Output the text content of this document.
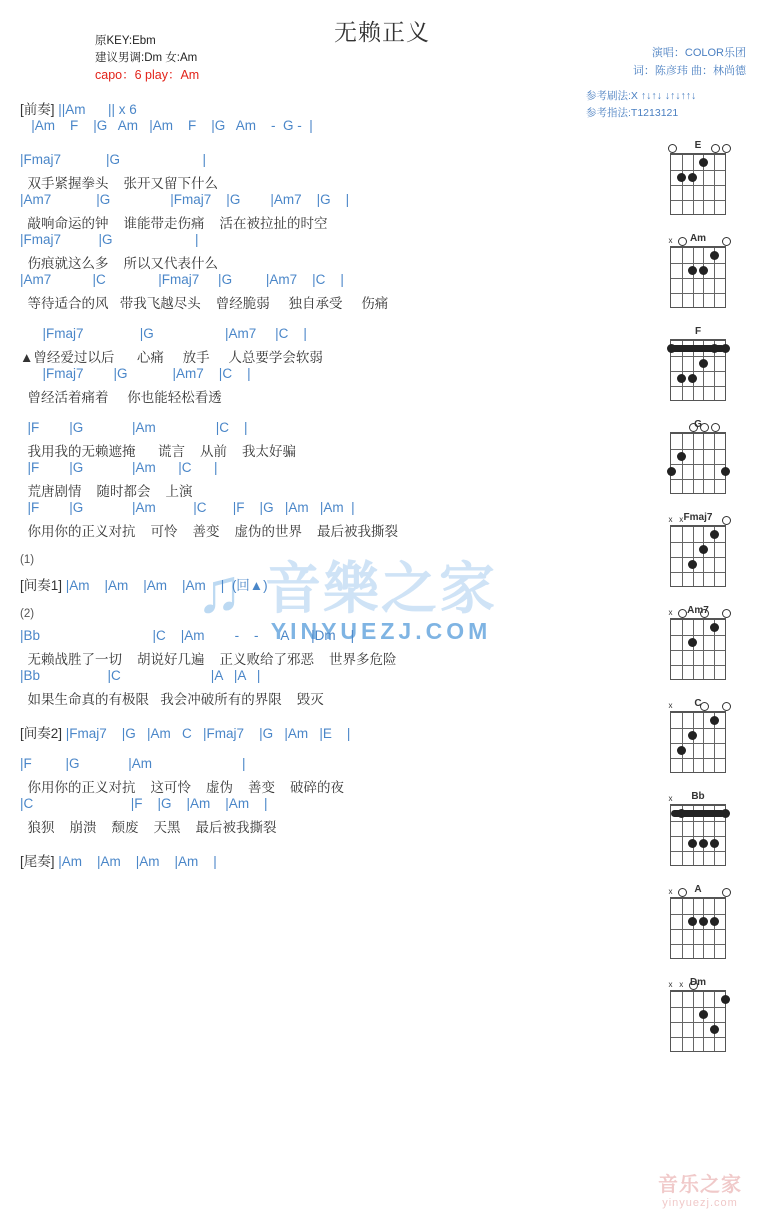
无赖正义
原KEY:Ebm
建议男调:Dm 女:Am
capo：6 play：Am
演唱：COLOR乐团
词：陈彦玮 曲：林尚德
参考刷法:X ↑↓↑↓ ↓↑↓↑↑↓
参考指法:T1213121
♫ 音樂之家
YINYUEZJ.COM
音乐之家
yinyuezj.com
[前奏] ||Am      || x 6
|Am    F    |G   Am   |Am    F    |G   Am    -  G -  |
|Fmaj7            |G                      |
双手紧握拳头    张开又留下什么
|Am7            |G                |Fmaj7    |G        |Am7    |G    |
敲响命运的钟    谁能带走伤痛    活在被拉扯的时空
|Fmaj7          |G                      |
伤痕就这么多    所以又代表什么
|Am7           |C              |Fmaj7     |G         |Am7    |C    |
等待适合的风   带我飞越尽头    曾经脆弱     独自承受     伤痛
|Fmaj7               |G                   |Am7     |C    |
▲曾经爱过以后      心痛     放手     人总要学会软弱
|Fmaj7        |G            |Am7    |C    |
曾经活着痛着     你也能轻松看透
|F        |G             |Am                |C    |
我用我的无赖遮掩      谎言    从前    我太好骗
|F        |G             |Am      |C      |
荒唐剧情    随时都会    上演
|F        |G             |Am          |C       |F    |G   |Am   |Am  |
你用你的正义对抗    可怜    善变    虚伪的世界    最后被我撕裂
(1)
[间奏1] |Am    |Am    |Am    |Am    |  (回▲)
(2)
|Bb                              |C    |Am        -    -      A      |Dm    |
无赖战胜了一切    胡说好几遍    正义败给了邪恶    世界多危险
|Bb                  |C                        |A   |A   |
如果生命真的有极限   我会冲破所有的界限    毁灭
[间奏2] |Fmaj7    |G   |Am   C   |Fmaj7    |G   |Am   |E    |
|F         |G             |Am                        |
你用你的正义对抗    这可怜    虚伪    善变    破碎的夜
|C                          |F    |G    |Am    |Am    |
狼狈    崩溃    颓废    天黑    最后被我撕裂
[尾奏] |Am    |Am    |Am    |Am    |
E
Am
x
F
G
Fmaj7
x x
Am7
x
C
x
Bb
x
A
x
Dm
x x
